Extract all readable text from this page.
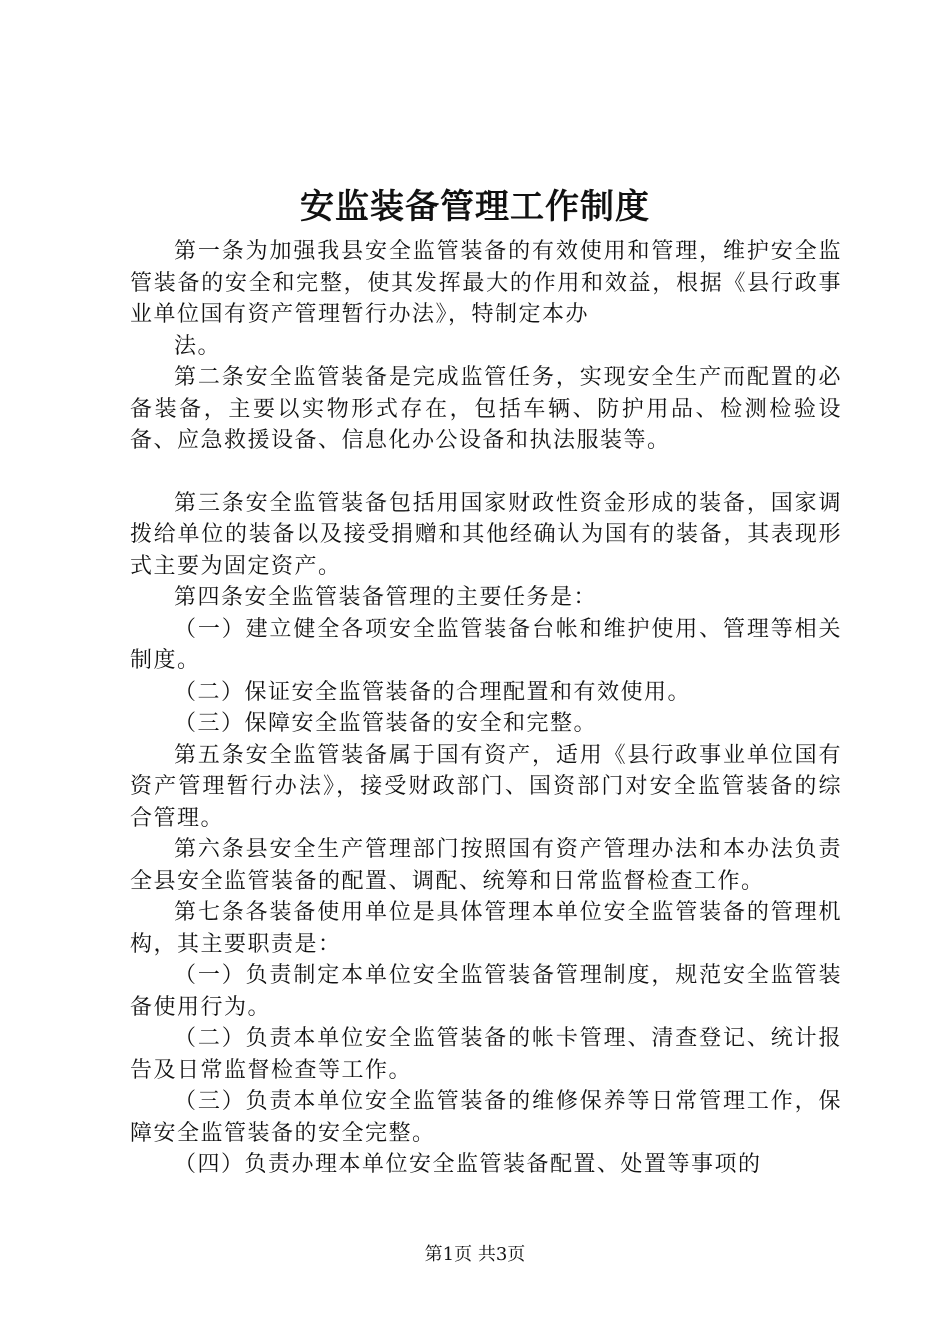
安监装备管理工作制度

第一条为加强我县安全监管装备的有效使用和管理，维护安全监管装备的安全和完整，使其发挥最大的作用和效益，根据《县行政事业单位国有资产管理暂行办法》，特制定本办

法。

第二条安全监管装备是完成监管任务，实现安全生产而配置的必备装备，主要以实物形式存在，包括车辆、防护用品、检测检验设备、应急救援设备、信息化办公设备和执法服装等。

第三条安全监管装备包括用国家财政性资金形成的装备，国家调拨给单位的装备以及接受捐赠和其他经确认为国有的装备，其表现形式主要为固定资产。

第四条安全监管装备管理的主要任务是：

（一）建立健全各项安全监管装备台帐和维护使用、管理等相关制度。

（二）保证安全监管装备的合理配置和有效使用。

（三）保障安全监管装备的安全和完整。

第五条安全监管装备属于国有资产，适用《县行政事业单位国有资产管理暂行办法》，接受财政部门、国资部门对安全监管装备的综合管理。

第六条县安全生产管理部门按照国有资产管理办法和本办法负责全县安全监管装备的配置、调配、统筹和日常监督检查工作。

第七条各装备使用单位是具体管理本单位安全监管装备的管理机构，其主要职责是：

（一）负责制定本单位安全监管装备管理制度，规范安全监管装备使用行为。

（二）负责本单位安全监管装备的帐卡管理、清查登记、统计报告及日常监督检查等工作。

（三）负责本单位安全监管装备的维修保养等日常管理工作，保障安全监管装备的安全完整。

（四）负责办理本单位安全监管装备配置、处置等事项的

第1页 共3页
